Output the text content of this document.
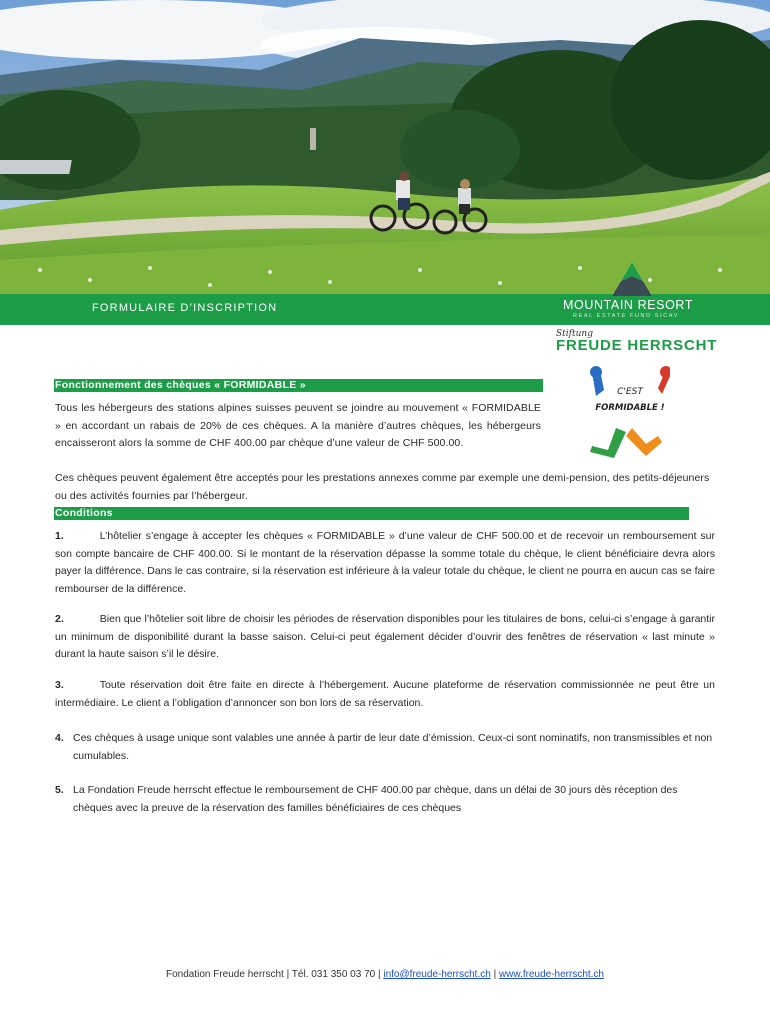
FORMULAIRE D’INSCRIPTION	MOUNTAIN RESORT
REAL ESTATE FUND SICAV
Stiftung
FREUDE HERRSCHT
C'EST
FORMIDABLE !
Fonctionnement des chèques « FORMIDABLE »

Tous les hébergeurs des stations alpines suisses peuvent se joindre au mouvement « FORMIDABLE » en accordant un rabais de 20% de ces chèques. A la manière d’autres chèques, les hébergeurs encaisseront alors la somme de CHF 400.00 par chèque d’une valeur de CHF 500.00.

Ces chèques peuvent également être acceptés pour les prestations annexes comme par exemple une demi-pension, des petits-déjeuners ou des activités fournies par l’hébergeur.

Conditions

1.	L’hôtelier s’engage à accepter les chèques « FORMIDABLE » d’une valeur de CHF 500.00 et de recevoir un remboursement sur son compte bancaire de CHF 400.00. Si le montant de la réservation dépasse la somme totale du chèque, le client bénéficiaire devra alors payer la différence. Dans le cas contraire, si la réservation est inférieure à la valeur totale du chèque, le client ne pourra en aucun cas se faire rembourser de la différence.

2.	Bien que l’hôtelier soit libre de choisir les périodes de réservation disponibles pour les titulaires de bons, celui-ci s’engage à garantir un minimum de disponibilité durant la basse saison. Celui-ci peut également décider d’ouvrir des fenêtres de réservation « last minute » durant la haute saison s’il le désire.

3.	Toute réservation doit être faite en directe à l’hébergement. Aucune plateforme de réservation commissionnée ne peut être un intermédiaire. Le client a l’obligation d’annoncer son bon lors de sa réservation.

4. Ces chèques à usage unique sont valables une année à partir de leur date d’émission. Ceux-ci sont nominatifs, non transmissibles et non cumulables.
5. La Fondation Freude herrscht effectue le remboursement de CHF 400.00 par chèque, dans un délai de 30 jours dès réception des chèques avec la preuve de la réservation des familles bénéficiaires de ces chèques
Fondation Freude herrscht | Tél. 031 350 03 70 | info@freude-herrscht.ch | www.freude-herrscht.ch
